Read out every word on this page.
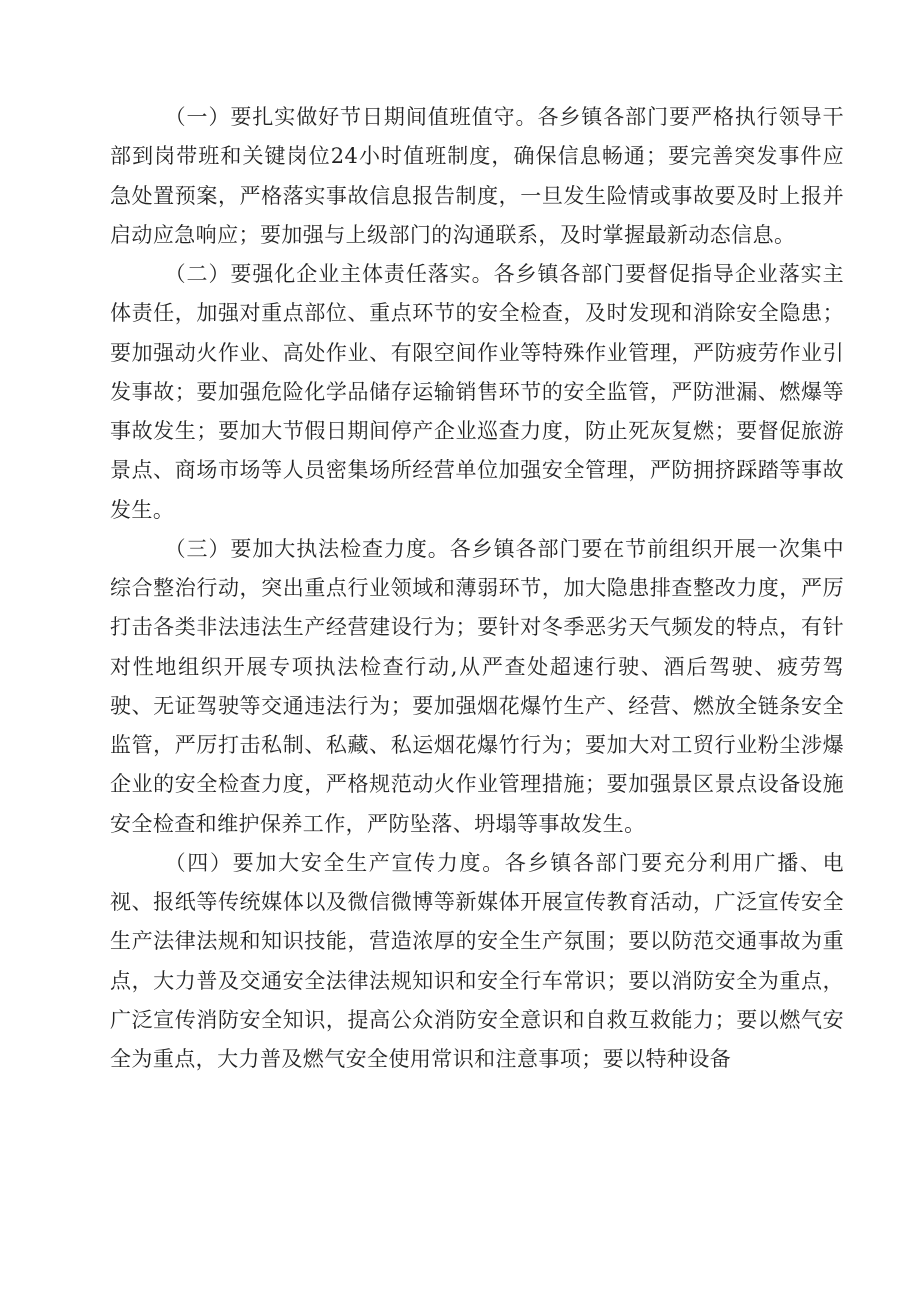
（一）要扎实做好节日期间值班值守。各乡镇各部门要严格执行领导干部到岗带班和关键岗位24小时值班制度，确保信息畅通；要完善突发事件应急处置预案，严格落实事故信息报告制度，一旦发生险情或事故要及时上报并启动应急响应；要加强与上级部门的沟通联系，及时掌握最新动态信息。

（二）要强化企业主体责任落实。各乡镇各部门要督促指导企业落实主体责任，加强对重点部位、重点环节的安全检查，及时发现和消除安全隐患；要加强动火作业、高处作业、有限空间作业等特殊作业管理，严防疲劳作业引发事故；要加强危险化学品储存运输销售环节的安全监管，严防泄漏、燃爆等事故发生；要加大节假日期间停产企业巡查力度，防止死灰复燃；要督促旅游景点、商场市场等人员密集场所经营单位加强安全管理，严防拥挤踩踏等事故发生。

（三）要加大执法检查力度。各乡镇各部门要在节前组织开展一次集中综合整治行动，突出重点行业领域和薄弱环节，加大隐患排查整改力度，严厉打击各类非法违法生产经营建设行为；要针对冬季恶劣天气频发的特点，有针对性地组织开展专项执法检查行动,从严查处超速行驶、酒后驾驶、疲劳驾驶、无证驾驶等交通违法行为；要加强烟花爆竹生产、经营、燃放全链条安全监管，严厉打击私制、私藏、私运烟花爆竹行为；要加大对工贸行业粉尘涉爆企业的安全检查力度，严格规范动火作业管理措施；要加强景区景点设备设施安全检查和维护保养工作，严防坠落、坍塌等事故发生。

（四）要加大安全生产宣传力度。各乡镇各部门要充分利用广播、电视、报纸等传统媒体以及微信微博等新媒体开展宣传教育活动，广泛宣传安全生产法律法规和知识技能，营造浓厚的安全生产氛围；要以防范交通事故为重点，大力普及交通安全法律法规知识和安全行车常识；要以消防安全为重点，广泛宣传消防安全知识，提高公众消防安全意识和自救互救能力；要以燃气安全为重点，大力普及燃气安全使用常识和注意事项；要以特种设备
